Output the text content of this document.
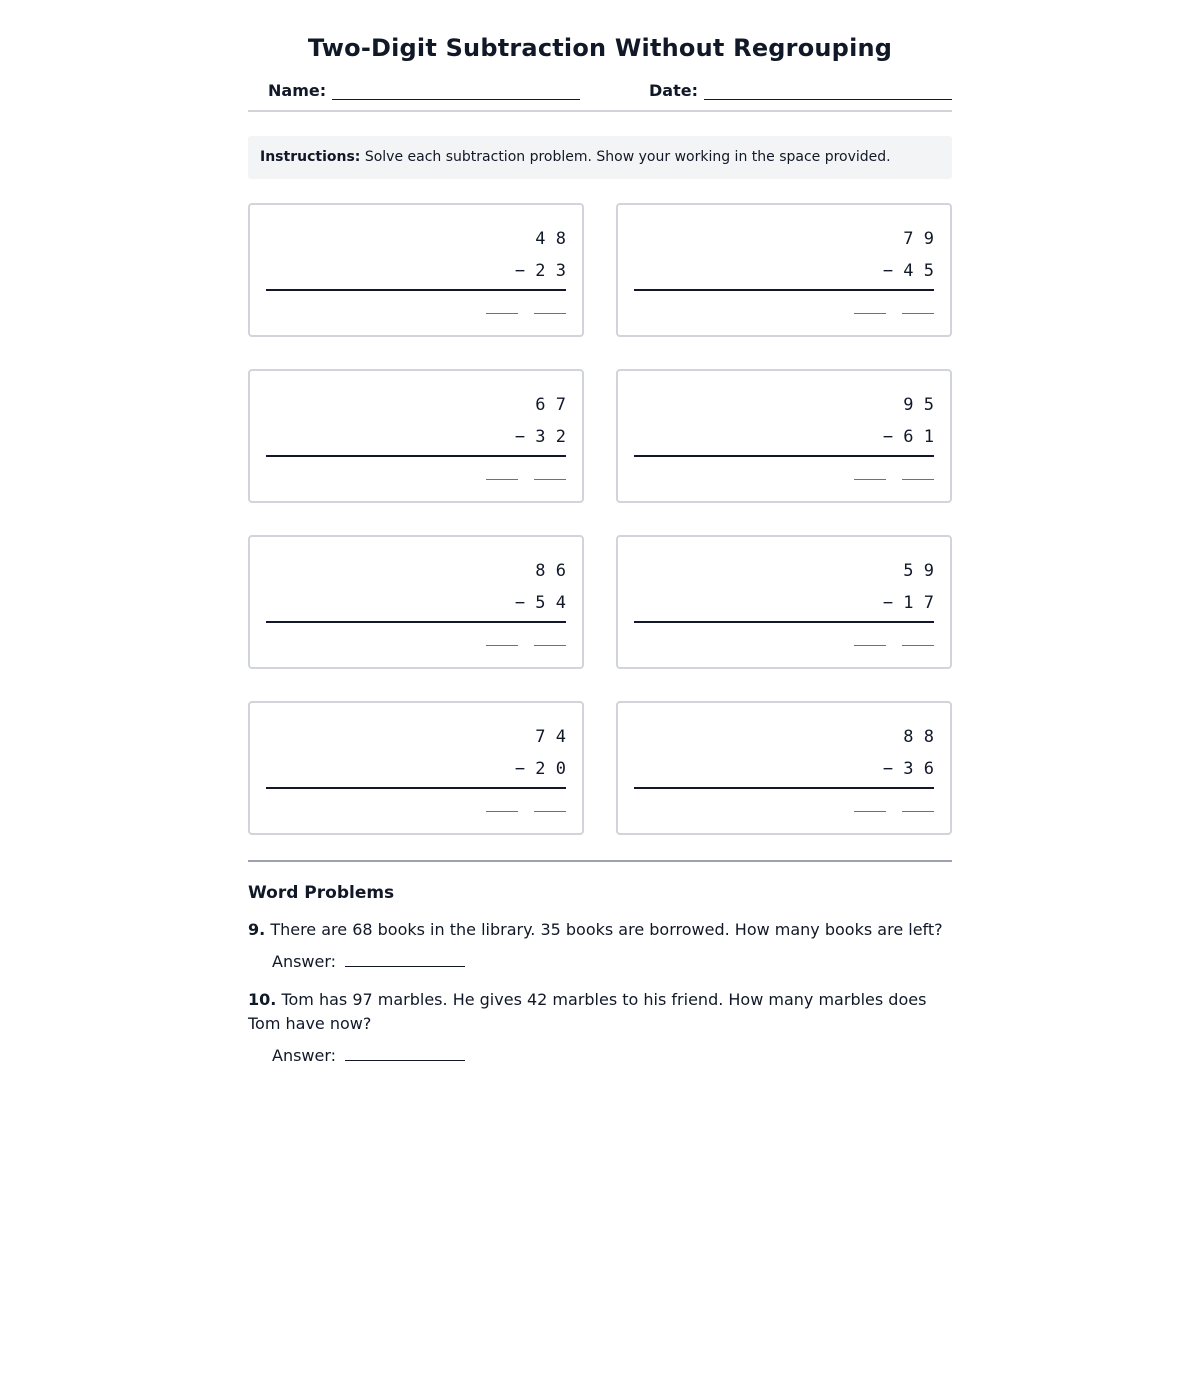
Two-Digit Subtraction Without Regrouping
Name:	Date:
Instructions: Solve each subtraction problem. Show your working in the space provided.
4 8
− 2 3
7 9
− 4 5
6 7
− 3 2
9 5
− 6 1
8 6
− 5 4
5 9
− 1 7
7 4
− 2 0
8 8
− 3 6
Word Problems
9. There are 68 books in the library. 35 books are borrowed. How many books are left?
Answer:
10. Tom has 97 marbles. He gives 42 marbles to his friend. How many marbles does Tom have now?
Answer:
